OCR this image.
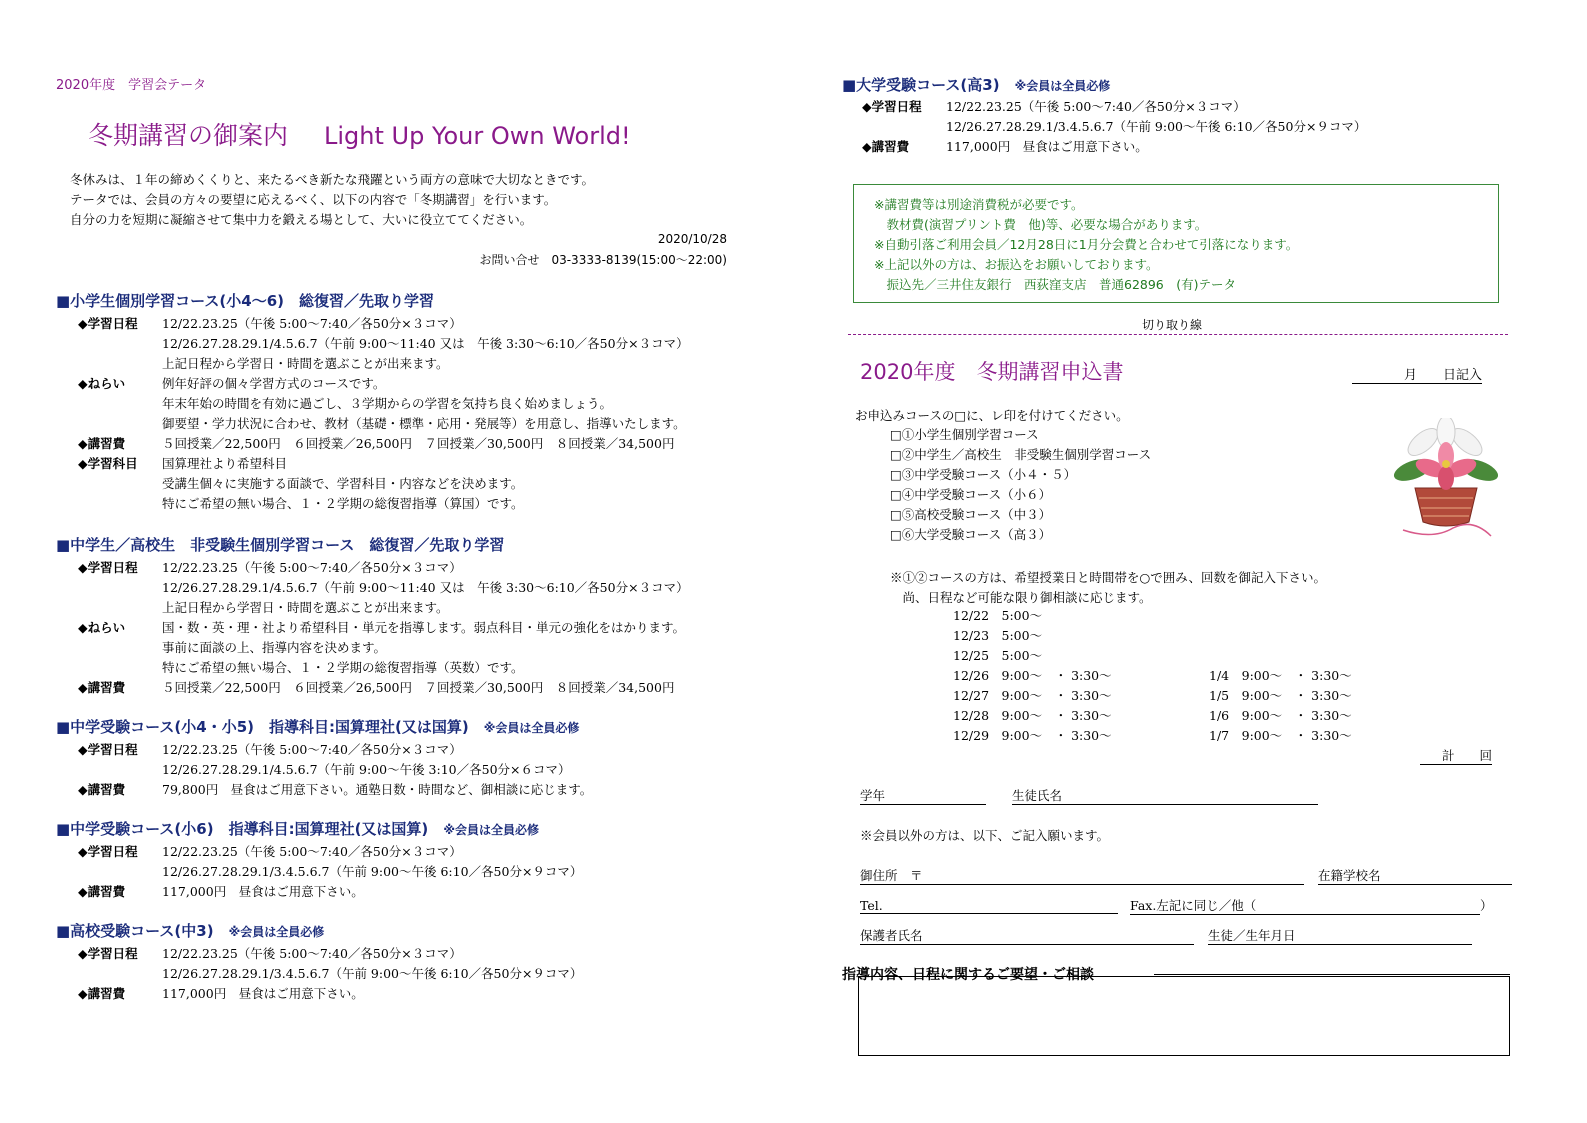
2020年度　学習会テータ
冬期講習の御案内 Light Up Your Own World!
冬休みは、１年の締めくくりと、来たるべき新たな飛躍という両方の意味で大切なときです。
テータでは、会員の方々の要望に応えるべく、以下の内容で「冬期講習」を行います。
自分の力を短期に凝縮させて集中力を鍛える場として、大いに役立ててください。
2020/10/28
お問い合せ　03-3333-8139(15:00～22:00)
■小学生個別学習コース(小4～6)　総復習／先取り学習
◆学習日程 12/22.23.25（午後 5:00～7:40／各50分×３コマ）
12/26.27.28.29.1/4.5.6.7（午前 9:00～11:40 又は　午後 3:30～6:10／各50分×３コマ）
上記日程から学習日・時間を選ぶことが出来ます。
◆ねらい	例年好評の個々学習方式のコースです。
年末年始の時間を有効に過ごし、３学期からの学習を気持ち良く始めましょう。
御要望・学力状況に合わせ、教材（基礎・標準・応用・発展等）を用意し、指導いたします。
◆講習費	５回授業／22,500円　６回授業／26,500円　７回授業／30,500円　８回授業／34,500円
◆学習科目 国算理社より希望科目
受講生個々に実施する面談で、学習科目・内容などを決めます。
特にご希望の無い場合、１・２学期の総復習指導（算国）です。
■中学生／高校生　非受験生個別学習コース　総復習／先取り学習
◆学習日程 12/22.23.25（午後 5:00～7:40／各50分×３コマ）
12/26.27.28.29.1/4.5.6.7（午前 9:00～11:40 又は　午後 3:30～6:10／各50分×３コマ）
上記日程から学習日・時間を選ぶことが出来ます。
◆ねらい	国・数・英・理・社より希望科目・単元を指導します。弱点科目・単元の強化をはかります。
事前に面談の上、指導内容を決めます。
特にご希望の無い場合、１・２学期の総復習指導（英数）です。
◆講習費	５回授業／22,500円　６回授業／26,500円　７回授業／30,500円　８回授業／34,500円
■中学受験コース(小4・小5)　指導科目:国算理社(又は国算)　 ※会員は全員必修
◆学習日程 12/22.23.25（午後 5:00～7:40／各50分×３コマ）
12/26.27.28.29.1/4.5.6.7（午前 9:00～午後 3:10／各50分×６コマ）
◆講習費	79,800円　昼食はご用意下さい。通塾日数・時間など、御相談に応じます。
■中学受験コース(小6)　指導科目:国算理社(又は国算)　 ※会員は全員必修
◆学習日程 12/22.23.25（午後 5:00～7:40／各50分×３コマ）
12/26.27.28.29.1/3.4.5.6.7（午前 9:00～午後 6:10／各50分×９コマ）
◆講習費	117,000円　昼食はご用意下さい。
■高校受験コース(中3)　 ※会員は全員必修
◆学習日程 12/22.23.25（午後 5:00～7:40／各50分×３コマ）
12/26.27.28.29.1/3.4.5.6.7（午前 9:00～午後 6:10／各50分×９コマ）
◆講習費	117,000円　昼食はご用意下さい。
■大学受験コース(高3)　 ※会員は全員必修
◆学習日程 12/22.23.25（午後 5:00～7:40／各50分×３コマ）
12/26.27.28.29.1/3.4.5.6.7（午前 9:00～午後 6:10／各50分×９コマ）
◆講習費	117,000円　昼食はご用意下さい。
※講習費等は別途消費税が必要です。
　教材費(演習プリント費　他)等、必要な場合があります。
※自動引落ご利用会員／12月28日に1月分会費と合わせて引落になります。
※上記以外の方は、お振込をお願いしております。
　振込先／三井住友銀行　西荻窪支店　普通62896　(有)テータ
切り取り線
2020年度　冬期講習申込書	月　　日記入
お申込みコースの□に、レ印を付けてください。
□①小学生個別学習コース
□②中学生／高校生　非受験生個別学習コース
□③中学受験コース（小４・５）
□④中学受験コース（小６）
□⑤高校受験コース（中３）
□⑥大学受験コース（高３）
※①②コースの方は、希望授業日と時間帯を○で囲み、回数を御記入下さい。
　尚、日程など可能な限り御相談に応じます。
12/22　5:00～
12/23　5:00～
12/25　5:00～
12/26　9:00～　・ 3:30～
12/27　9:00～　・ 3:30～
12/28　9:00～　・ 3:30～
12/29　9:00～　・ 3:30～
1/4　9:00～　・ 3:30～
1/5　9:00～　・ 3:30～
1/6　9:00～　・ 3:30～
1/7　9:00～　・ 3:30～
計　　回
学年	生徒氏名
※会員以外の方は、以下、ご記入願います。
御住所　〒	在籍学校名
Tel.	Fax.左記に同じ／他（	）
保護者氏名	生徒／生年月日
指導内容、日程に関するご要望・ご相談
